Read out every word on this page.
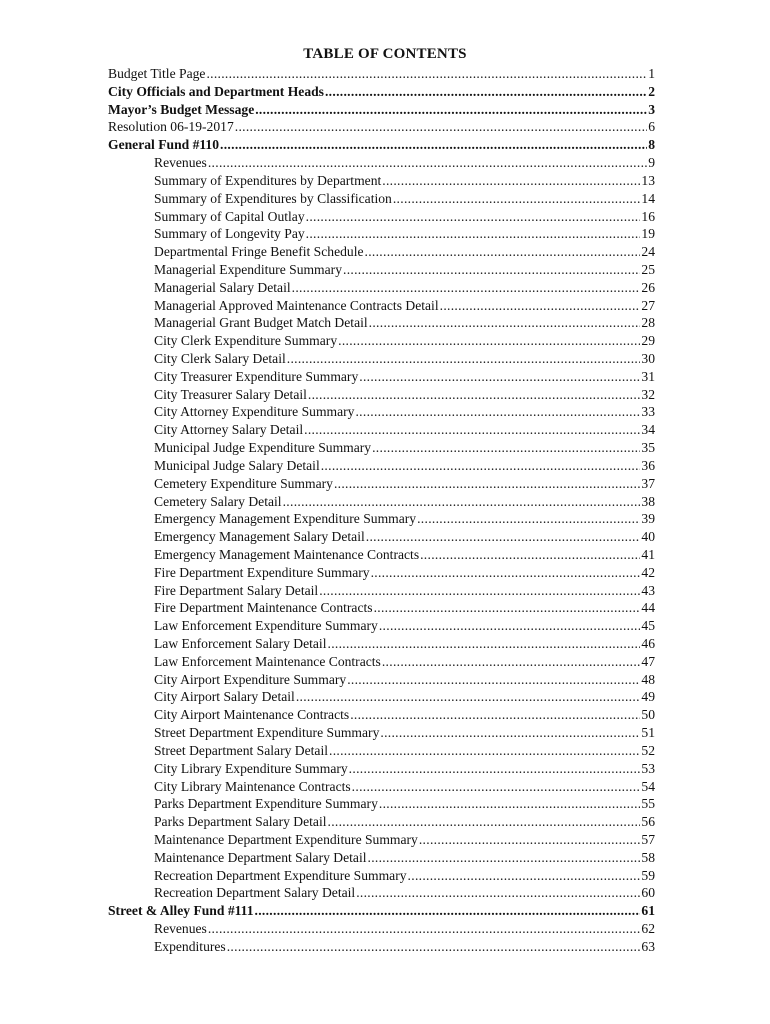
TABLE OF CONTENTS
Budget Title Page .....	1
City Officials and Department Heads .....	2
Mayor’s Budget Message .....	3
Resolution 06-19-2017 .....	6
General Fund #110 .....	8
Revenues .....	9
Summary of Expenditures by Department .....	13
Summary of Expenditures by Classification .....	14
Summary of Capital Outlay .....	16
Summary of Longevity Pay .....	19
Departmental Fringe Benefit Schedule .....	24
Managerial Expenditure Summary .....	25
Managerial Salary Detail .....	26
Managerial Approved Maintenance Contracts Detail .....	27
Managerial Grant Budget Match Detail .....	28
City Clerk Expenditure Summary .....	29
City Clerk Salary Detail .....	30
City Treasurer Expenditure Summary .....	31
City Treasurer Salary Detail .....	32
City Attorney Expenditure Summary .....	33
City Attorney Salary Detail .....	34
Municipal Judge Expenditure Summary .....	35
Municipal Judge Salary Detail .....	36
Cemetery Expenditure Summary .....	37
Cemetery Salary Detail .....	38
Emergency Management Expenditure Summary .....	39
Emergency Management Salary Detail .....	40
Emergency Management Maintenance Contracts .....	41
Fire Department Expenditure Summary .....	42
Fire Department Salary Detail .....	43
Fire Department Maintenance Contracts .....	44
Law Enforcement Expenditure Summary .....	45
Law Enforcement Salary Detail .....	46
Law Enforcement Maintenance Contracts .....	47
City Airport Expenditure Summary .....	48
City Airport Salary Detail .....	49
City Airport Maintenance Contracts .....	50
Street Department Expenditure Summary .....	51
Street Department Salary Detail .....	52
City Library Expenditure Summary .....	53
City Library Maintenance Contracts .....	54
Parks Department Expenditure Summary .....	55
Parks Department Salary Detail .....	56
Maintenance Department Expenditure Summary .....	57
Maintenance Department Salary Detail .....	58
Recreation Department Expenditure Summary .....	59
Recreation Department Salary Detail .....	60
Street & Alley Fund #111 .....	61
Revenues .....	62
Expenditures .....	63
